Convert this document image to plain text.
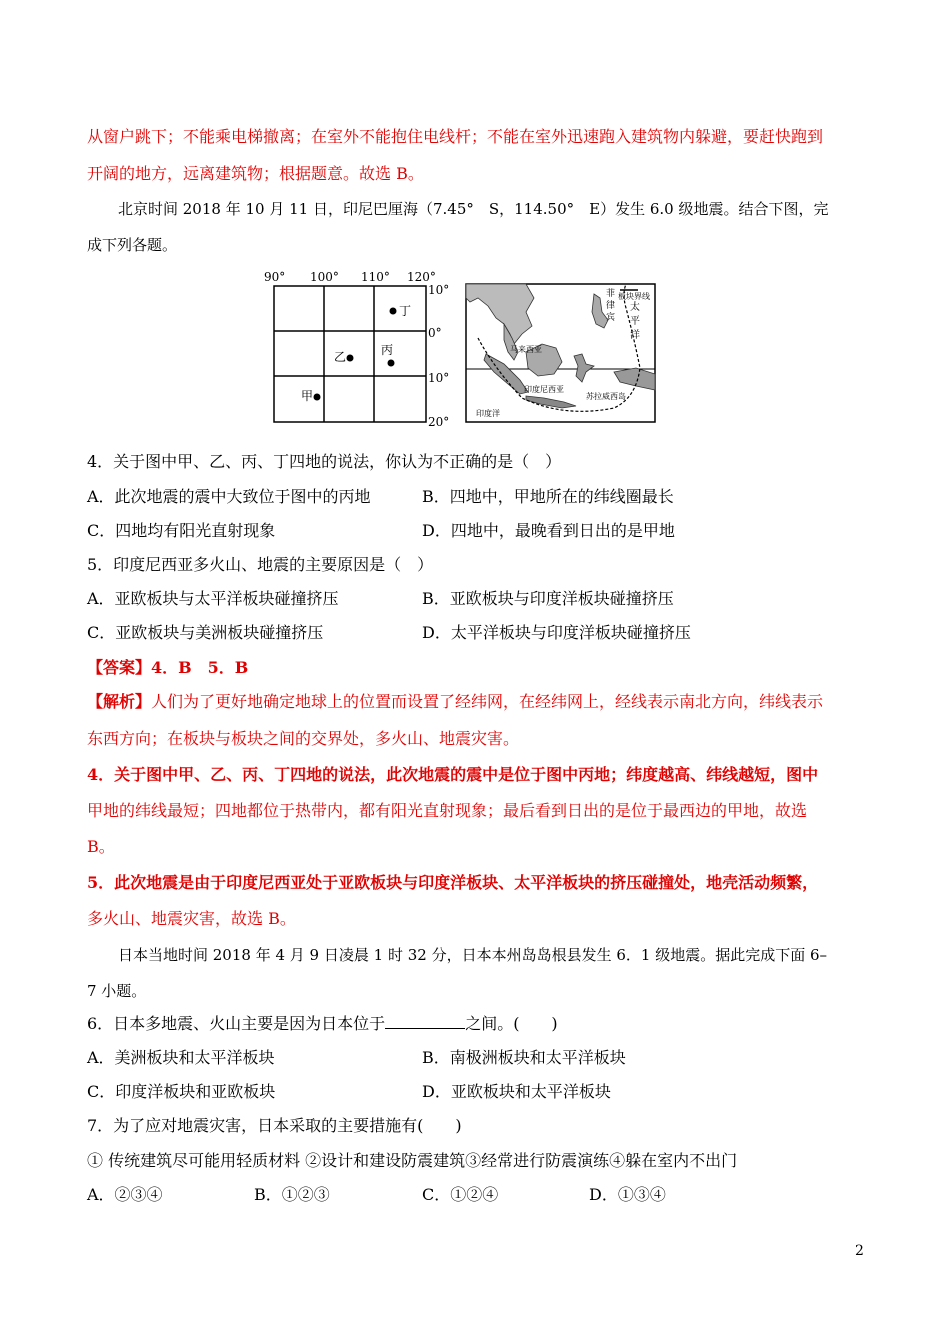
从窗户跳下；不能乘电梯撤离；在室外不能抱住电线杆；不能在室外迅速跑入建筑物内躲避，要赶快跑到
开阔的地方，远离建筑物；根据题意。故选 B。
北京时间 2018 年 10 月 11 日，印尼巴厘海（7.45°　S，114.50°　E）发生 6.0 级地震。结合下图，完
成下列各题。
90° 100° 110° 120°
10°
0°
10°
20°
丁
乙	丙
甲
板块界线
太
平
洋
菲
律
宾
马来西亚
印度尼西亚
苏拉威西岛
印度洋
4．关于图中甲、乙、丙、丁四地的说法，你认为不正确的是（　）
A．此次地震的震中大致位于图中的丙地	B．四地中，甲地所在的纬线圈最长
C．四地均有阳光直射现象	D．四地中，最晚看到日出的是甲地
5．印度尼西亚多火山、地震的主要原因是（　）
A．亚欧板块与太平洋板块碰撞挤压	B．亚欧板块与印度洋板块碰撞挤压
C．亚欧板块与美洲板块碰撞挤压	D．太平洋板块与印度洋板块碰撞挤压
【答案】4．B　5．B
【解析】人们为了更好地确定地球上的位置而设置了经纬网，在经纬网上，经线表示南北方向，纬线表示
东西方向；在板块与板块之间的交界处，多火山、地震灾害。
4．关于图中甲、乙、丙、丁四地的说法，此次地震的震中是位于图中丙地；纬度越高、纬线越短，图中
甲地的纬线最短；四地都位于热带内，都有阳光直射现象；最后看到日出的是位于最西边的甲地，故选
B。
5．此次地震是由于印度尼西亚处于亚欧板块与印度洋板块、太平洋板块的挤压碰撞处，地壳活动频繁，
多火山、地震灾害，故选 B。
日本当地时间 2018 年 4 月 9 日凌晨 1 时 32 分，日本本州岛岛根县发生 6．1 级地震。据此完成下面 6–
7 小题。
6．日本多地震、火山主要是因为日本位于	之间。(　　)
A．美洲板块和太平洋板块	B．南极洲板块和太平洋板块
C．印度洋板块和亚欧板块	D．亚欧板块和太平洋板块
7．为了应对地震灾害，日本采取的主要措施有(　　)
① 传统建筑尽可能用轻质材料 ②设计和建设防震建筑③经常进行防震演练④躲在室内不出门
A．②③④	B．①②③	C．①②④	D．①③④
2
